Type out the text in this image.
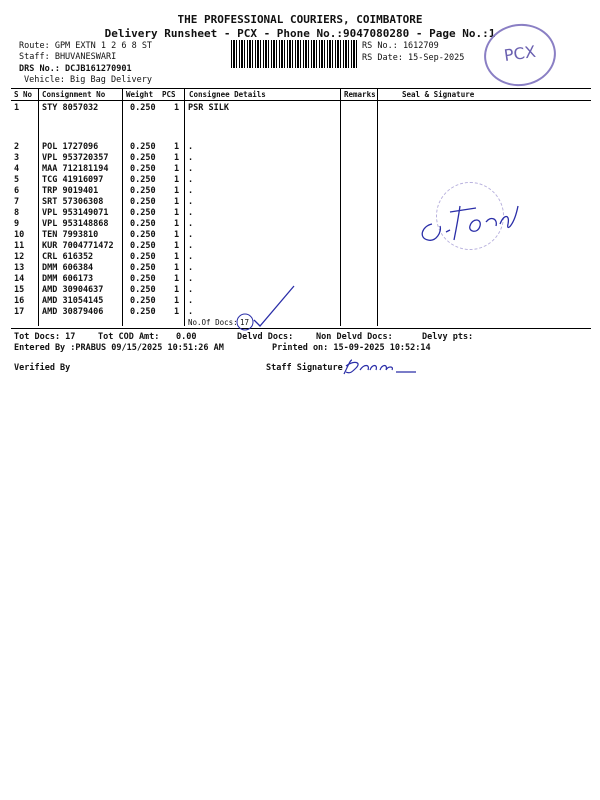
THE PROFESSIONAL COURIERS, COIMBATORE
Delivery Runsheet - PCX - Phone No.:9047080280 - Page No.:1
Route: GPM EXTN 1 2 6 8 ST
Staff: BHUVANESWARI
DRS No.: DCJB161270901
Vehicle: Big Bag Delivery
RS No.: 1612709
RS Date: 15-Sep-2025	PCX
S No Consignment No	Weight PCS Consignee Details	Remarks	Seal & Signature
1	STY 8057032	0.250 1 PSR SILK
2	POL 1727096	0.250 1 .
3	VPL 953720357	0.250 1 .
4	MAA 712181194	0.250 1 .
5	TCG 41916097	0.250 1 .
6	TRP 9019401	0.250 1 .
7	SRT 57306308	0.250 1 .
8	VPL 953149071	0.250 1 .
9	VPL 953148868	0.250 1 .
10 TEN 7993810	0.250 1 .
11 KUR 7004771472 0.250 1 .
12 CRL 616352	0.250 1 .
13 DMM 606384	0.250 1 .
14 DMM 606173	0.250 1 .
15 AMD 30904637	0.250 1 .
16 AMD 31054145	0.250 1 .
17 AMD 30879406	0.250 1 .
No.Of Docs: 17
Tot Docs: 17	Tot COD Amt: 0.00	Delvd Docs:	Non Delvd Docs:	Delvy pts:
Entered By :PRABUS 09/15/2025 10:51:26 AM	Printed on: 15-09-2025 10:52:14
Verified By	Staff Signature
